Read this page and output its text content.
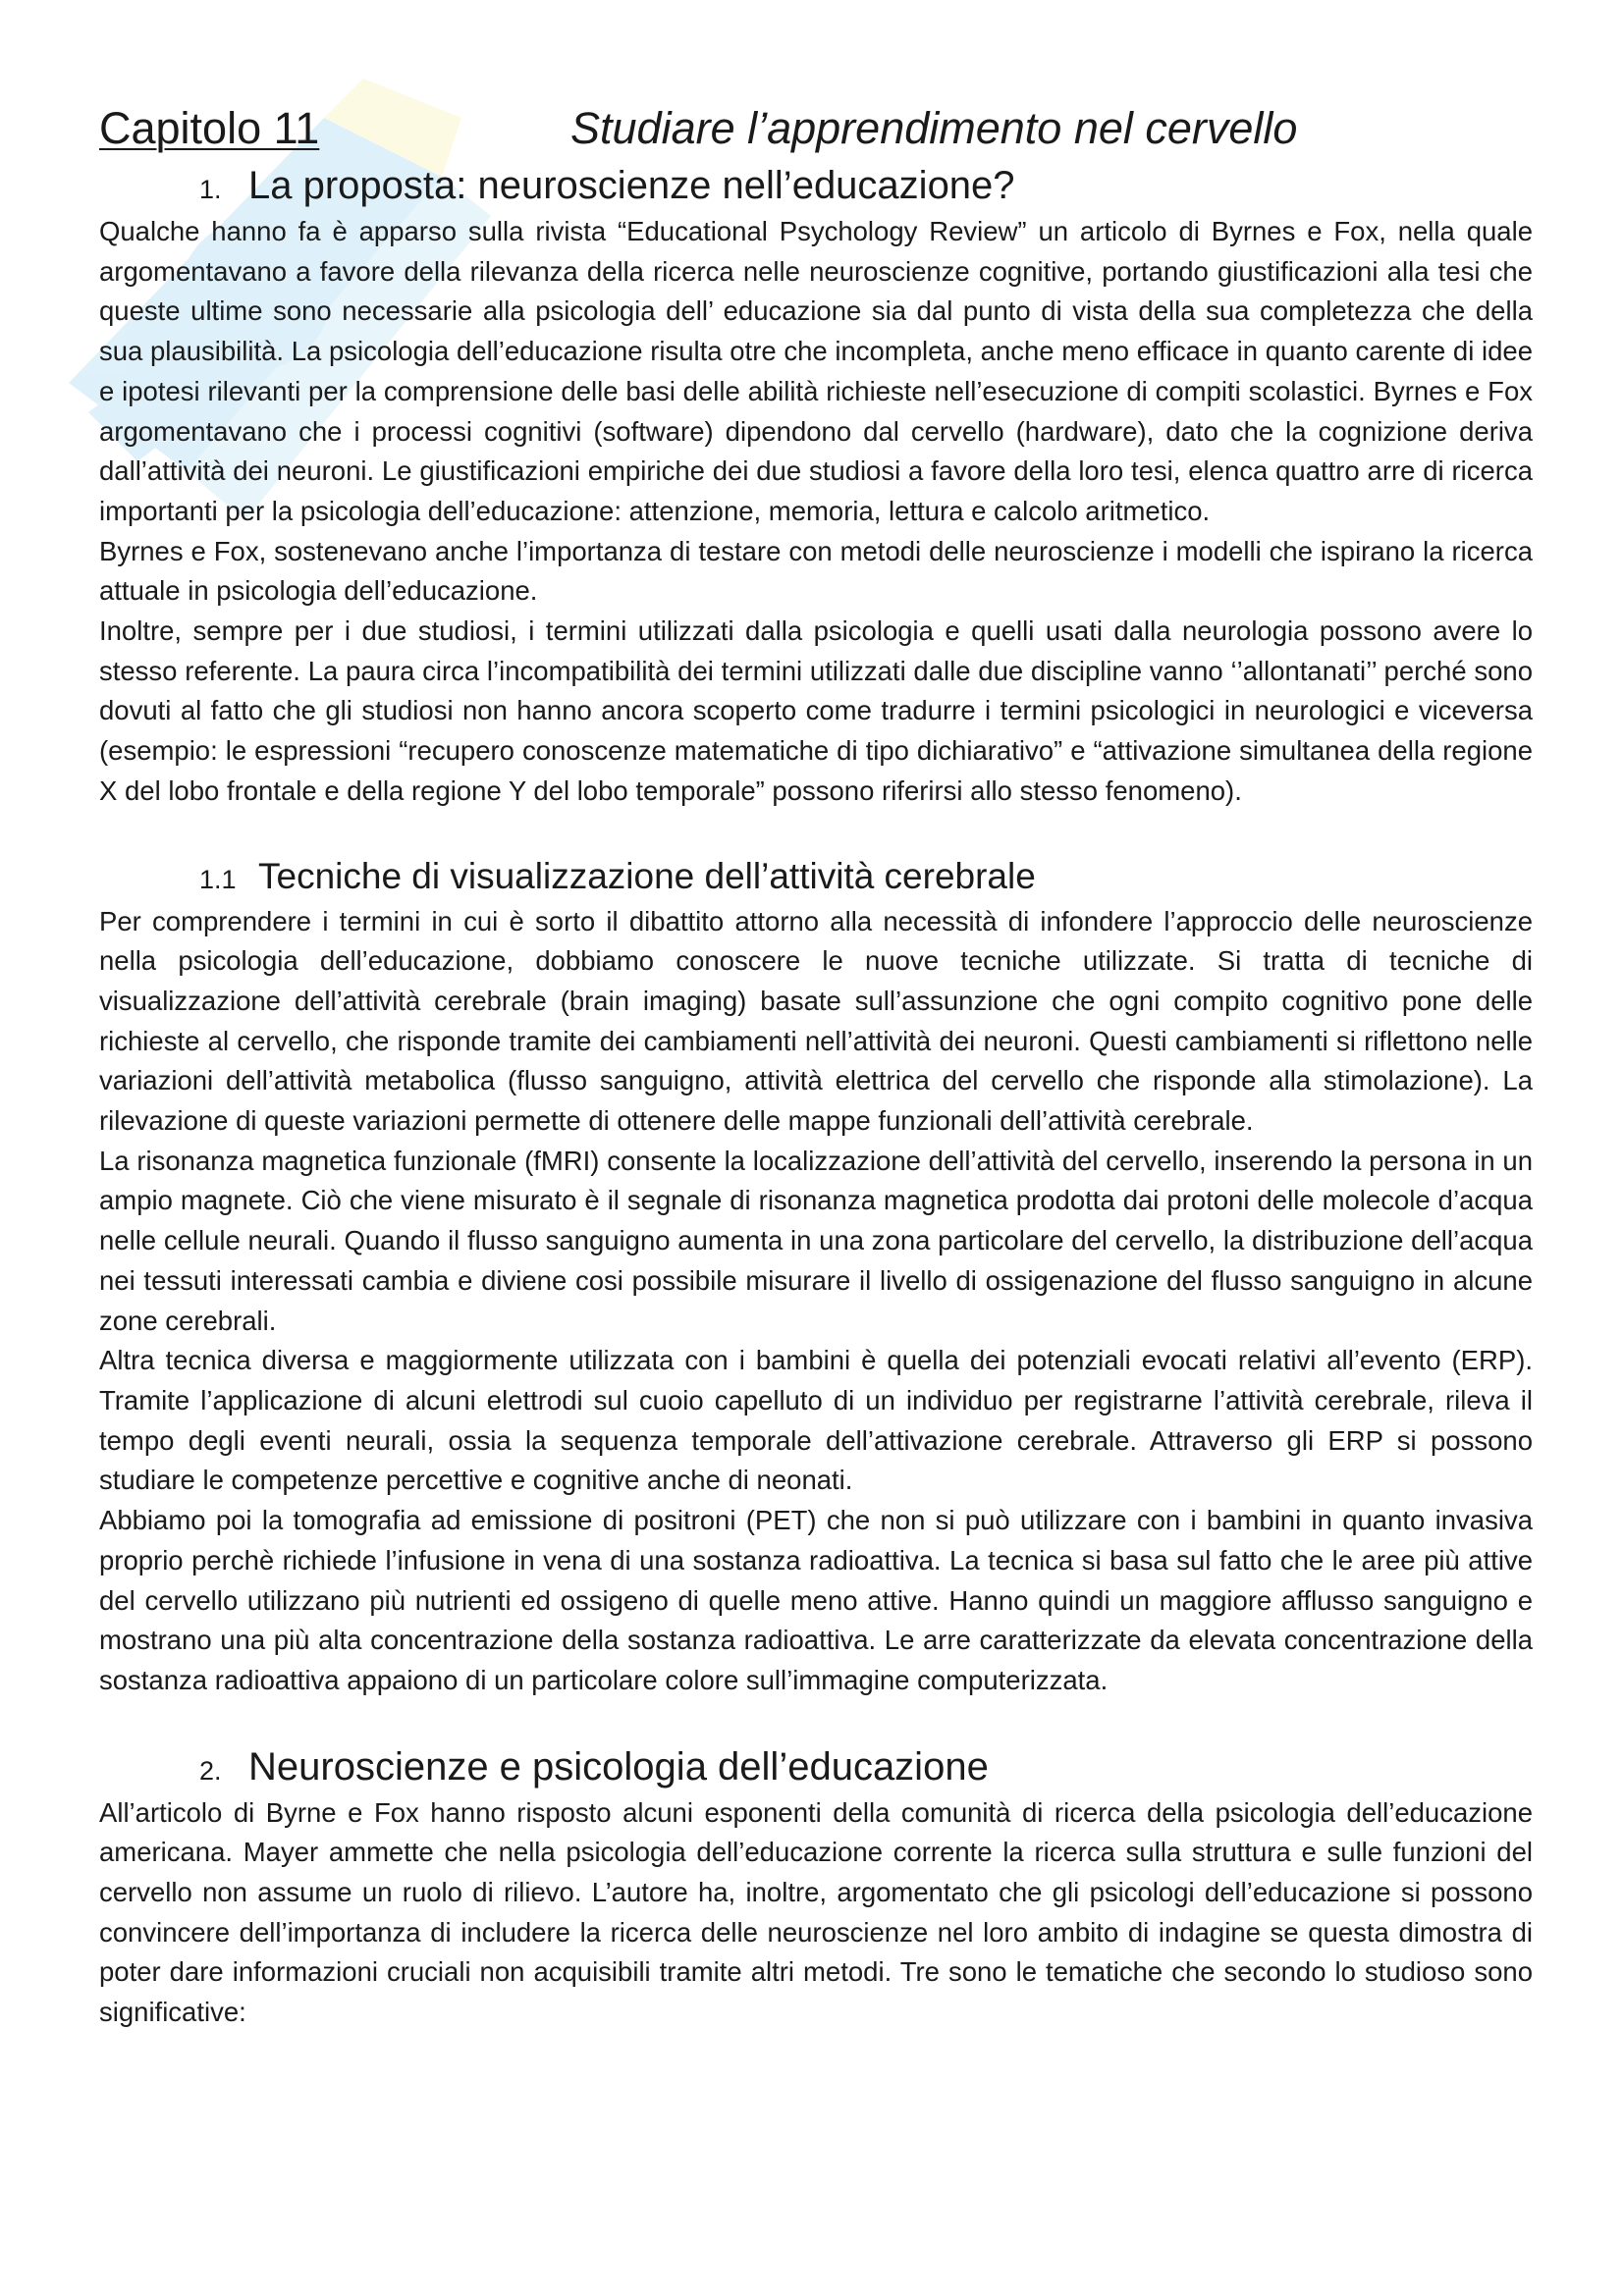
Capitolo 11	Studiare l’apprendimento nel cervello
1. La proposta: neuroscienze nell’educazione?

Qualche hanno fa è apparso sulla rivista “Educational Psychology Review” un articolo di Byrnes e Fox, nella quale argomentavano a favore della rilevanza della ricerca nelle neuroscienze cognitive, portando giustificazioni alla tesi che queste ultime sono necessarie alla psicologia dell’ educazione sia dal punto di vista della sua completezza che della sua plausibilità. La psicologia dell’educazione risulta otre che incompleta, anche meno efficace in quanto carente di idee e ipotesi rilevanti per la comprensione delle basi delle abilità richieste nell’esecuzione di compiti scolastici. Byrnes e Fox argomentavano che i processi cognitivi (software) dipendono dal cervello (hardware), dato che la cognizione deriva dall’attività dei neuroni. Le giustificazioni empiriche dei due studiosi a favore della loro tesi, elenca quattro arre di ricerca importanti per la psicologia dell’educazione: attenzione, memoria, lettura e calcolo aritmetico.

Byrnes e Fox, sostenevano anche l’importanza di testare con metodi delle neuroscienze i modelli che ispirano la ricerca attuale in psicologia dell’educazione.

Inoltre, sempre per i due studiosi, i termini utilizzati dalla psicologia e quelli usati dalla neurologia possono avere lo stesso referente. La paura circa l’incompatibilità dei termini utilizzati dalle due discipline vanno ‘’allontanati’’ perché sono dovuti al fatto che gli studiosi non hanno ancora scoperto come tradurre i termini psicologici in neurologici e viceversa (esempio: le espressioni “recupero conoscenze matematiche di tipo dichiarativo” e “attivazione simultanea della regione X del lobo frontale e della regione Y del lobo temporale” possono riferirsi allo stesso fenomeno).

1.1 Tecniche di visualizzazione dell’attività cerebrale

Per comprendere i termini in cui è sorto il dibattito attorno alla necessità di infondere l’approccio delle neuroscienze nella psicologia dell’educazione, dobbiamo conoscere le nuove tecniche utilizzate. Si tratta di tecniche di visualizzazione dell’attività cerebrale (brain imaging) basate sull’assunzione che ogni compito cognitivo pone delle richieste al cervello, che risponde tramite dei cambiamenti nell’attività dei neuroni. Questi cambiamenti si riflettono nelle variazioni dell’attività metabolica (flusso sanguigno, attività elettrica del cervello che risponde alla stimolazione). La rilevazione di queste variazioni permette di ottenere delle mappe funzionali dell’attività cerebrale.

La risonanza magnetica funzionale (fMRI) consente la localizzazione dell’attività del cervello, inserendo la persona in un ampio magnete. Ciò che viene misurato è il segnale di risonanza magnetica prodotta dai protoni delle molecole d’acqua nelle cellule neurali. Quando il flusso sanguigno aumenta in una zona particolare del cervello, la distribuzione dell’acqua nei tessuti interessati cambia e diviene cosi possibile misurare il livello di ossigenazione del flusso sanguigno in alcune zone cerebrali.

Altra tecnica diversa e maggiormente utilizzata con i bambini è quella dei potenziali evocati relativi all’evento (ERP). Tramite l’applicazione di alcuni elettrodi sul cuoio capelluto di un individuo per registrarne l’attività cerebrale, rileva il tempo degli eventi neurali, ossia la sequenza temporale dell’attivazione cerebrale. Attraverso gli ERP si possono studiare le competenze percettive e cognitive anche di neonati.

Abbiamo poi la tomografia ad emissione di positroni (PET) che non si può utilizzare con i bambini in quanto invasiva proprio perchè richiede l’infusione in vena di una sostanza radioattiva. La tecnica si basa sul fatto che le aree più attive del cervello utilizzano più nutrienti ed ossigeno di quelle meno attive. Hanno quindi un maggiore afflusso sanguigno e mostrano una più alta concentrazione della sostanza radioattiva. Le arre caratterizzate da elevata concentrazione della sostanza radioattiva appaiono di un particolare colore sull’immagine computerizzata.

2. Neuroscienze e psicologia dell’educazione

All’articolo di Byrne e Fox hanno risposto alcuni esponenti della comunità di ricerca della psicologia dell’educazione americana. Mayer ammette che nella psicologia dell’educazione corrente la ricerca sulla struttura e sulle funzioni del cervello non assume un ruolo di rilievo. L’autore ha, inoltre, argomentato che gli psicologi dell’educazione si possono convincere dell’importanza di includere la ricerca delle neuroscienze nel loro ambito di indagine se questa dimostra di poter dare informazioni cruciali non acquisibili tramite altri metodi. Tre sono le tematiche che secondo lo studioso sono significative:
